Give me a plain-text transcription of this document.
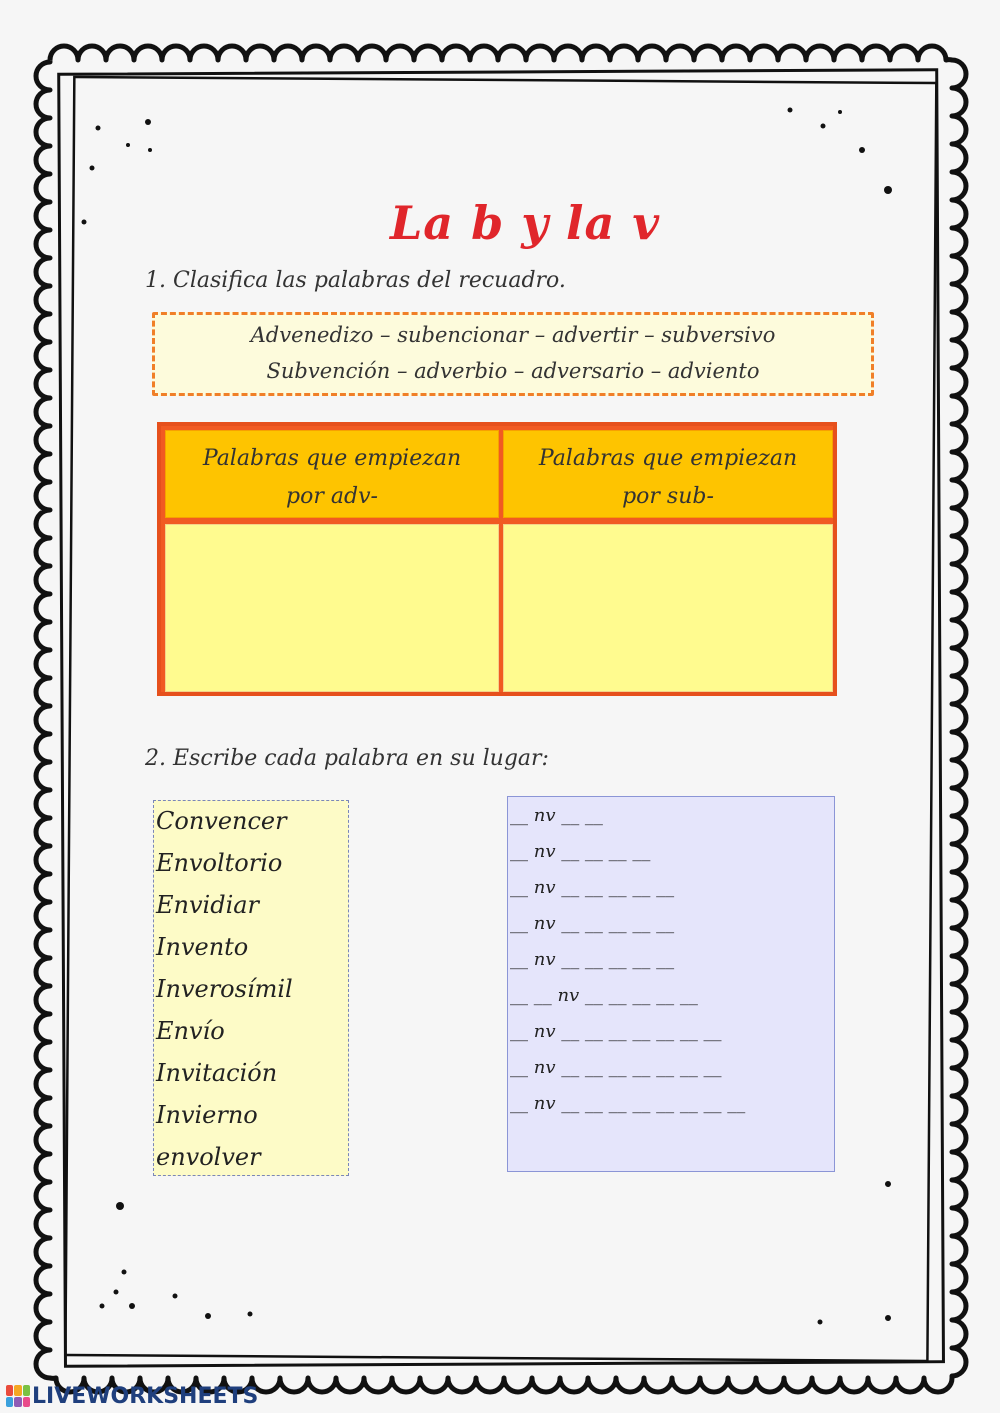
La b y la v
1. Clasifica las palabras del recuadro.
Advenedizo – subencionar – advertir – subversivo
Subvención – adverbio – adversario – adviento
Palabras que empiezan
por adv-
Palabras que empiezan
por sub-
2. Escribe cada palabra en su lugar:
Convencer
Envoltorio
Envidiar
Invento
Inverosímil
Envío
Invitación
Invierno
envolver
__ nv __ __
__ nv __ __ __ __
__ nv __ __ __ __ __
__ nv __ __ __ __ __
__ nv __ __ __ __ __
__ __ nv __ __ __ __ __
__ nv __ __ __ __ __ __ __
__ nv __ __ __ __ __ __ __
__ nv __ __ __ __ __ __ __ __
LIVEWORKSHEETS
